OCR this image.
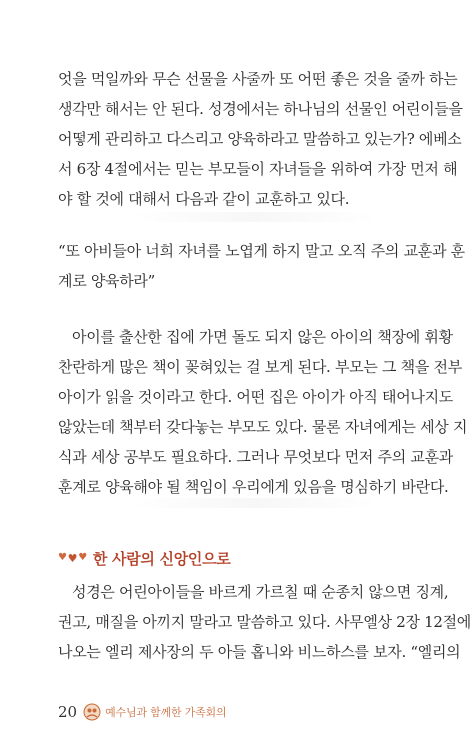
엇을 먹일까와 무슨 선물을 사줄까 또 어떤 좋은 것을 줄까 하는
생각만 해서는 안 된다. 성경에서는 하나님의 선물인 어린이들을
어떻게 관리하고 다스리고 양육하라고 말씀하고 있는가? 에베소
서 6장 4절에서는 믿는 부모들이 자녀들을 위하여 가장 먼저 해
야 할 것에 대해서 다음과 같이 교훈하고 있다.
“또 아비들아 너희 자녀를 노엽게 하지 말고 오직 주의 교훈과 훈
계로 양육하라”
아이를 출산한 집에 가면 돌도 되지 않은 아이의 책장에 휘황
찬란하게 많은 책이 꽂혀있는 걸 보게 된다. 부모는 그 책을 전부
아이가 읽을 것이라고 한다. 어떤 집은 아이가 아직 태어나지도
않았는데 책부터 갖다놓는 부모도 있다. 물론 자녀에게는 세상 지
식과 세상 공부도 필요하다. 그러나 무엇보다 먼저 주의 교훈과
훈계로 양육해야 될 책임이 우리에게 있음을 명심하기 바란다.
♥ ♥ ♥ 한 사람의 신앙인으로
성경은 어린아이들을 바르게 가르칠 때 순종치 않으면 징계,
권고, 매질을 아끼지 말라고 말씀하고 있다. 사무엘상 2장 12절에
나오는 엘리 제사장의 두 아들 홉니와 비느하스를 보자. “엘리의
20	예수님과 함께한 가족회의
